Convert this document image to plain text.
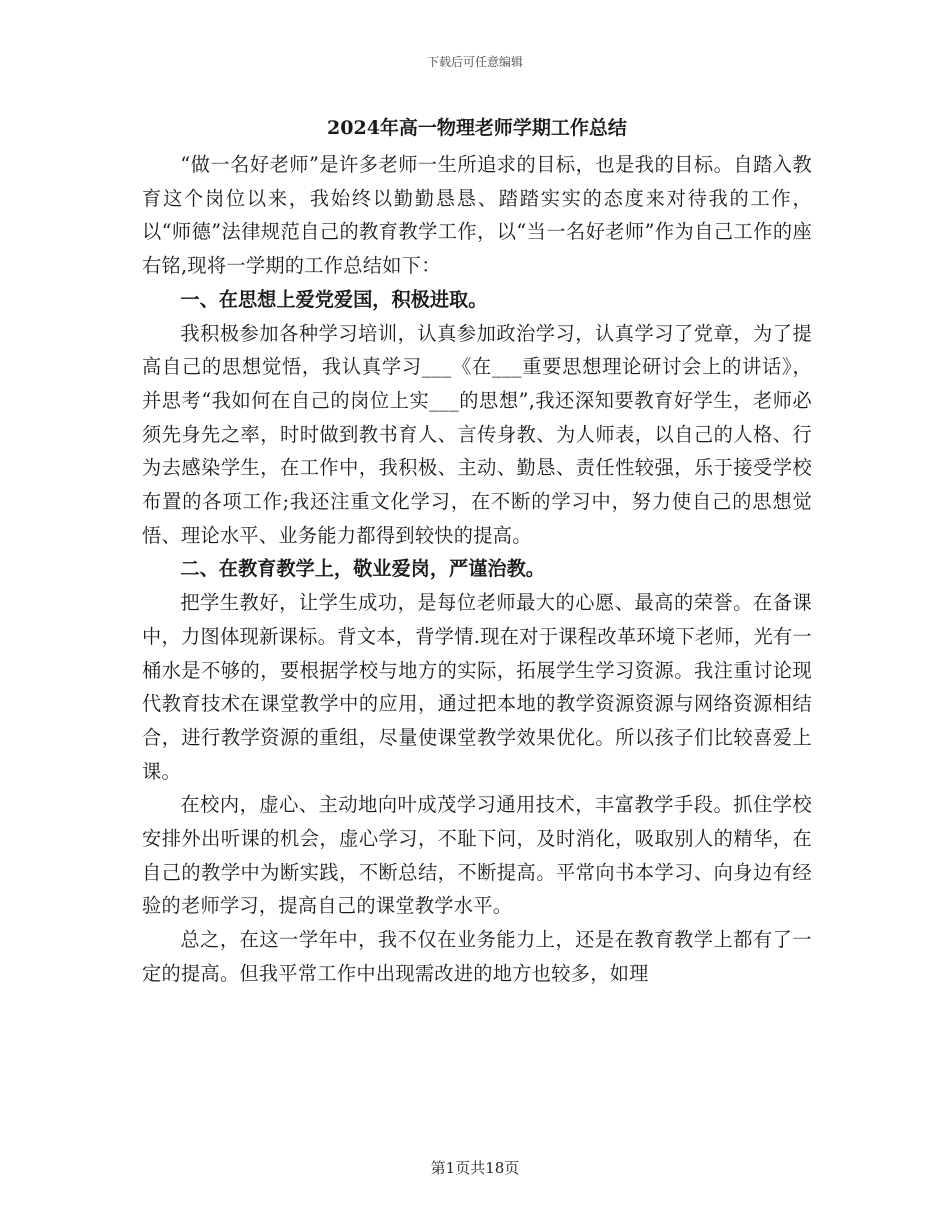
下载后可任意编辑
2024年高一物理老师学期工作总结

“做一名好老师”是许多老师一生所追求的目标，也是我的目标。自踏入教育这个岗位以来，我始终以勤勤恳恳、踏踏实实的态度来对待我的工作，以“师德”法律规范自己的教育教学工作，以“当一名好老师”作为自己工作的座右铭,现将一学期的工作总结如下：

一、在思想上爱党爱国，积极进取。

我积极参加各种学习培训，认真参加政治学习，认真学习了党章，为了提高自己的思想觉悟，我认真学习___《在___重要思想理论研讨会上的讲话》，并思考“我如何在自己的岗位上实___的思想”,我还深知要教育好学生，老师必须先身先之率，时时做到教书育人、言传身教、为人师表，以自己的人格、行为去感染学生，在工作中，我积极、主动、勤恳、责任性较强，乐于接受学校布置的各项工作;我还注重文化学习，在不断的学习中，努力使自己的思想觉悟、理论水平、业务能力都得到较快的提高。

二、在教育教学上，敬业爱岗，严谨治教。

把学生教好，让学生成功，是每位老师最大的心愿、最高的荣誉。在备课中，力图体现新课标。背文本，背学情.现在对于课程改革环境下老师，光有一桶水是不够的，要根据学校与地方的实际，拓展学生学习资源。我注重讨论现代教育技术在课堂教学中的应用，通过把本地的教学资源资源与网络资源相结合，进行教学资源的重组，尽量使课堂教学效果优化。所以孩子们比较喜爱上课。

在校内，虚心、主动地向叶成茂学习通用技术，丰富教学手段。抓住学校安排外出听课的机会，虚心学习，不耻下问，及时消化，吸取别人的精华，在自己的教学中为断实践，不断总结，不断提高。平常向书本学习、向身边有经验的老师学习，提高自己的课堂教学水平。

总之，在这一学年中，我不仅在业务能力上，还是在教育教学上都有了一定的提高。但我平常工作中出现需改进的地方也较多，如理

第1页共18页
